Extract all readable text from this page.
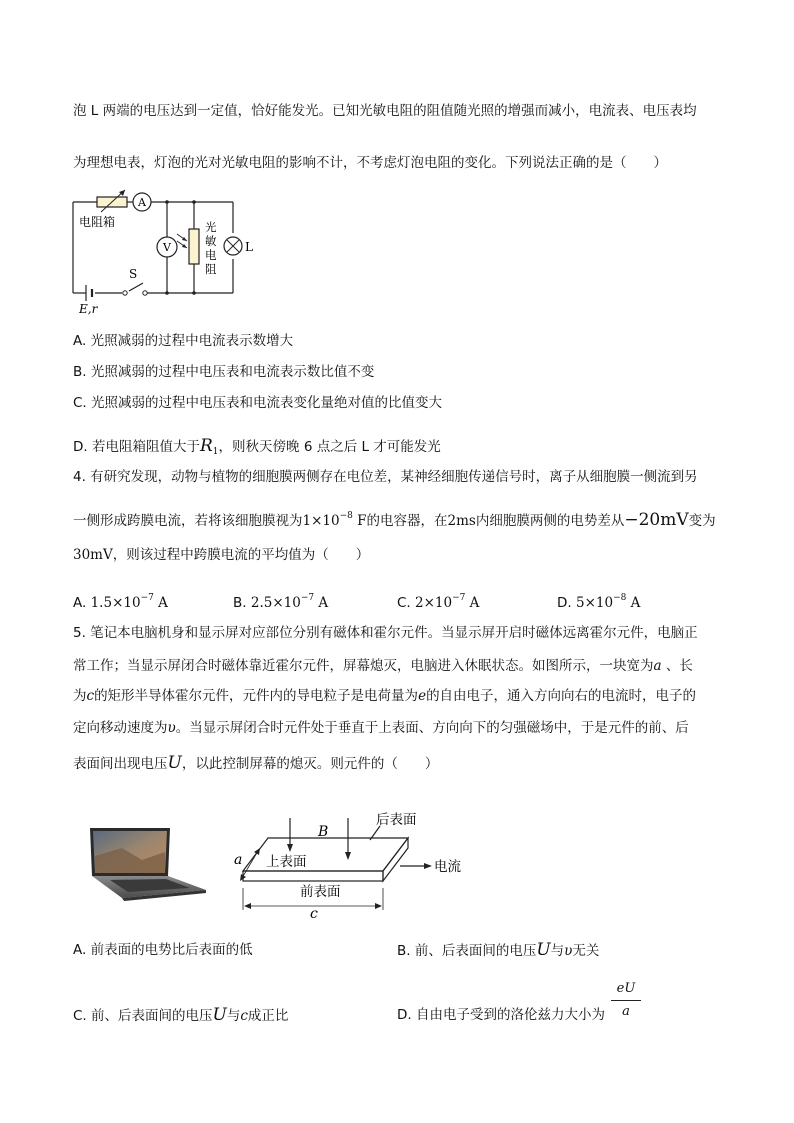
泡 L 两端的电压达到一定值，恰好能发光。已知光敏电阻的阻值随光照的增强而减小，电流表、电压表均
为理想电表，灯泡的光对光敏电阻的影响不计，不考虑灯泡电阻的变化。下列说法正确的是（　　）
电阻箱
A
V
光
敏
电
阻
L
E,r
S
A. 光照减弱的过程中电流表示数增大
B. 光照减弱的过程中电压表和电流表示数比值不变
C. 光照减弱的过程中电压表和电流表变化量绝对值的比值变大
D. 若电阻箱阻值大于$R_1$，则秋天傍晚 6 点之后 L 才可能发光
4. 有研究发现，动物与植物的细胞膜两侧存在电位差，某神经细胞传递信号时，离子从细胞膜一侧流到另
一侧形成跨膜电流，若将该细胞膜视为$1\times 10^{-8}$ F的电容器，在2ms内细胞膜两侧的电势差从−20mV变为
30mV，则该过程中跨膜电流的平均值为（　　）
A. $1.5\times 10^{-7}$ A	B. $2.5\times 10^{-7}$ A	C. $2\times 10^{-7}$ A	D. $5\times 10^{-8}$ A
5. 笔记本电脑机身和显示屏对应部位分别有磁体和霍尔元件。当显示屏开启时磁体远离霍尔元件，电脑正
常工作；当显示屏闭合时磁体靠近霍尔元件，屏幕熄灭，电脑进入休眠状态。如图所示，一块宽为a 、长
为c的矩形半导体霍尔元件，元件内的导电粒子是电荷量为e的自由电子，通入方向向右的电流时，电子的
定向移动速度为υ。当显示屏闭合时元件处于垂直于上表面、方向向下的匀强磁场中，于是元件的前、后
表面间出现电压U，以此控制屏幕的熄灭。则元件的（　　）
后表面
B
上表面
前表面
电流
a
c
A. 前表面的电势比后表面的低	B. 前、后表面间的电压U与υ无关
C. 前、后表面间的电压U与c成正比	D. 自由电子受到的洛伦兹力大小为
eU
a
